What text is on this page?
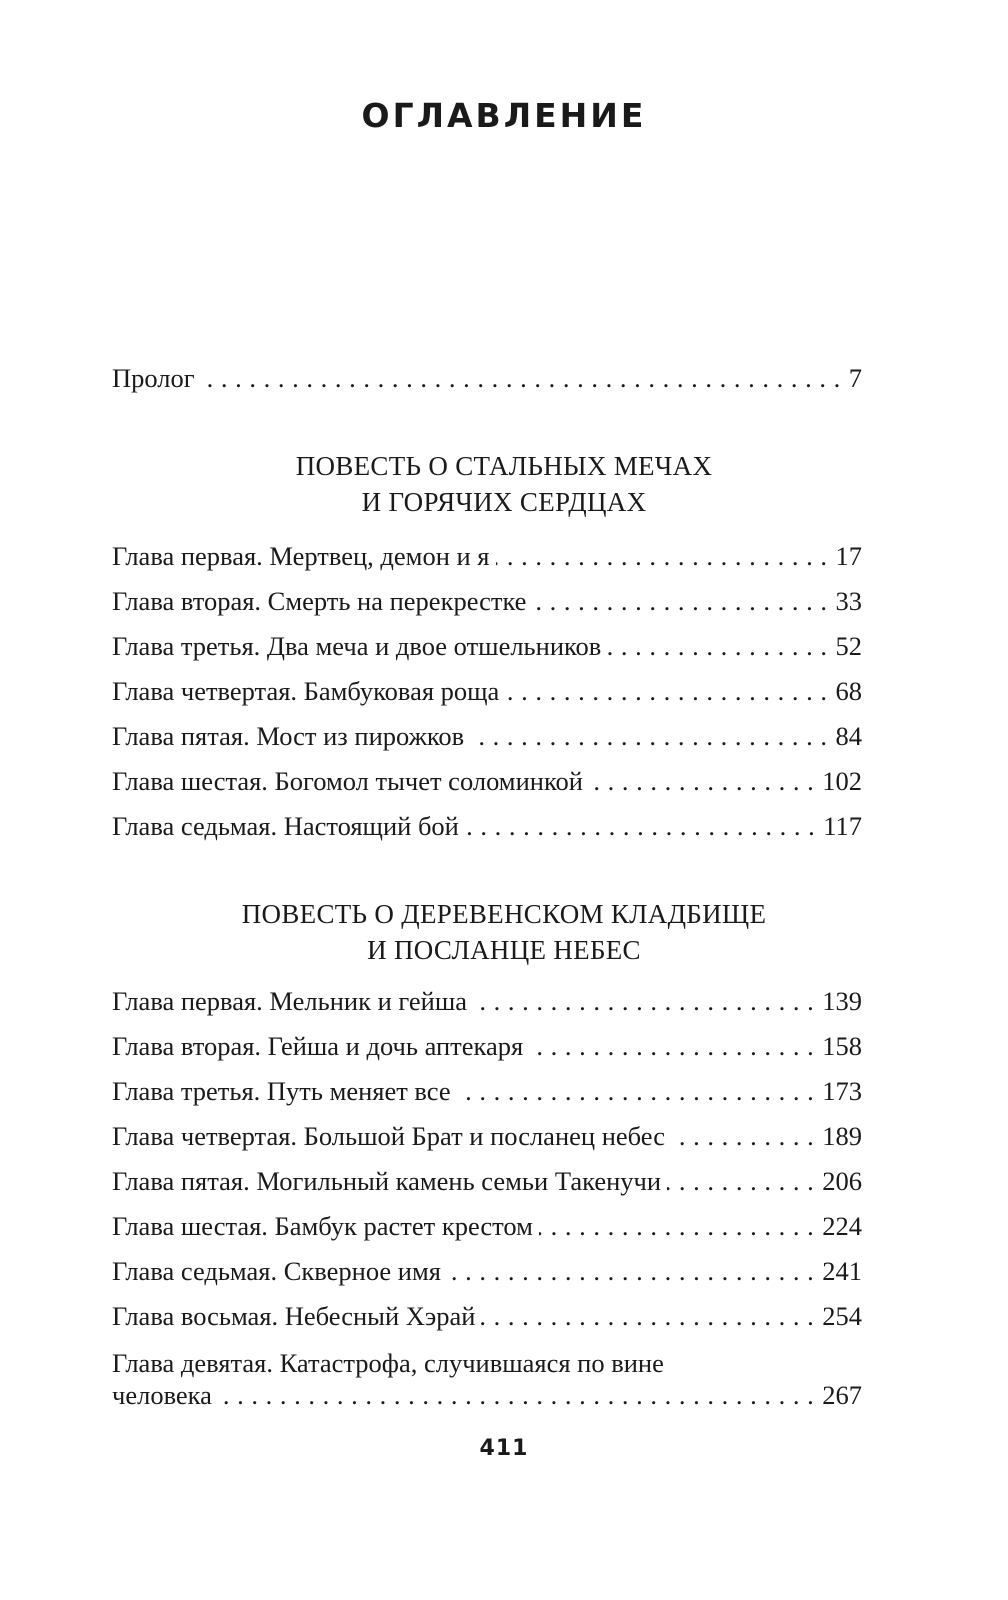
ОГЛАВЛЕНИЕ
Пролог . . .	7
ПОВЕСТЬ О СТАЛЬНЫХ МЕЧАХ
И ГОРЯЧИХ СЕРДЦАХ
Глава первая. Мертвец, демон и я . . .	17
Глава вторая. Смерть на перекрестке . . .	33
Глава третья. Два меча и двое отшельников . . .	52
Глава четвертая. Бамбуковая роща . . .	68
Глава пятая. Мост из пирожков . . .	84
Глава шестая. Богомол тычет соломинкой . . .	102
Глава седьмая. Настоящий бой . . .	117
ПОВЕСТЬ О ДЕРЕВЕНСКОМ КЛАДБИЩЕ
И ПОСЛАНЦЕ НЕБЕС
Глава первая. Мельник и гейша . . .	139
Глава вторая. Гейша и дочь аптекаря . . .	158
Глава третья. Путь меняет все . . .	173
Глава четвертая. Большой Брат и посланец небес . . .	189
Глава пятая. Могильный камень семьи Такенучи . . .	206
Глава шестая. Бамбук растет крестом . . .	224
Глава седьмая. Скверное имя . . .	241
Глава восьмая. Небесный Хэрай . . .	254
Глава девятая. Катастрофа, случившаяся по вине
человека . . .	267
411
